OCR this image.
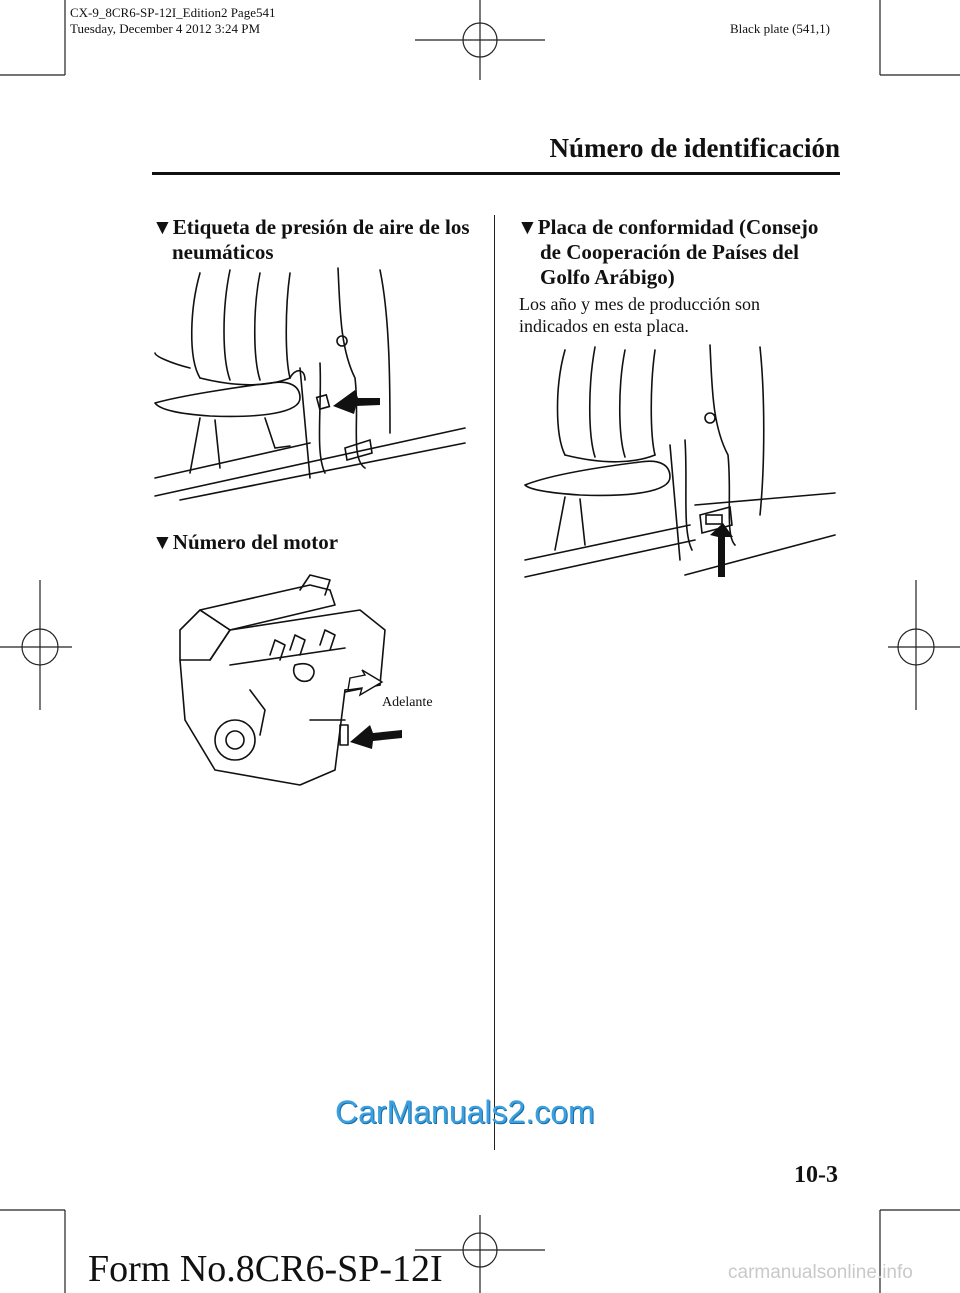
CX-9_8CR6-SP-12I_Edition2 Page541
Tuesday, December 4 2012 3:24 PM	Black plate (541,1)
Número de identificación
▼Etiqueta de presión de aire de los
neumáticos
▼Número del motor
Adelante
▼Placa de conformidad (Consejo
de Cooperación de Países del
Golfo Arábigo)
Los año y mes de producción son
indicados en esta placa.
10-3
CarManuals2.com
Form No.8CR6-SP-12I	carmanualsonline.info
